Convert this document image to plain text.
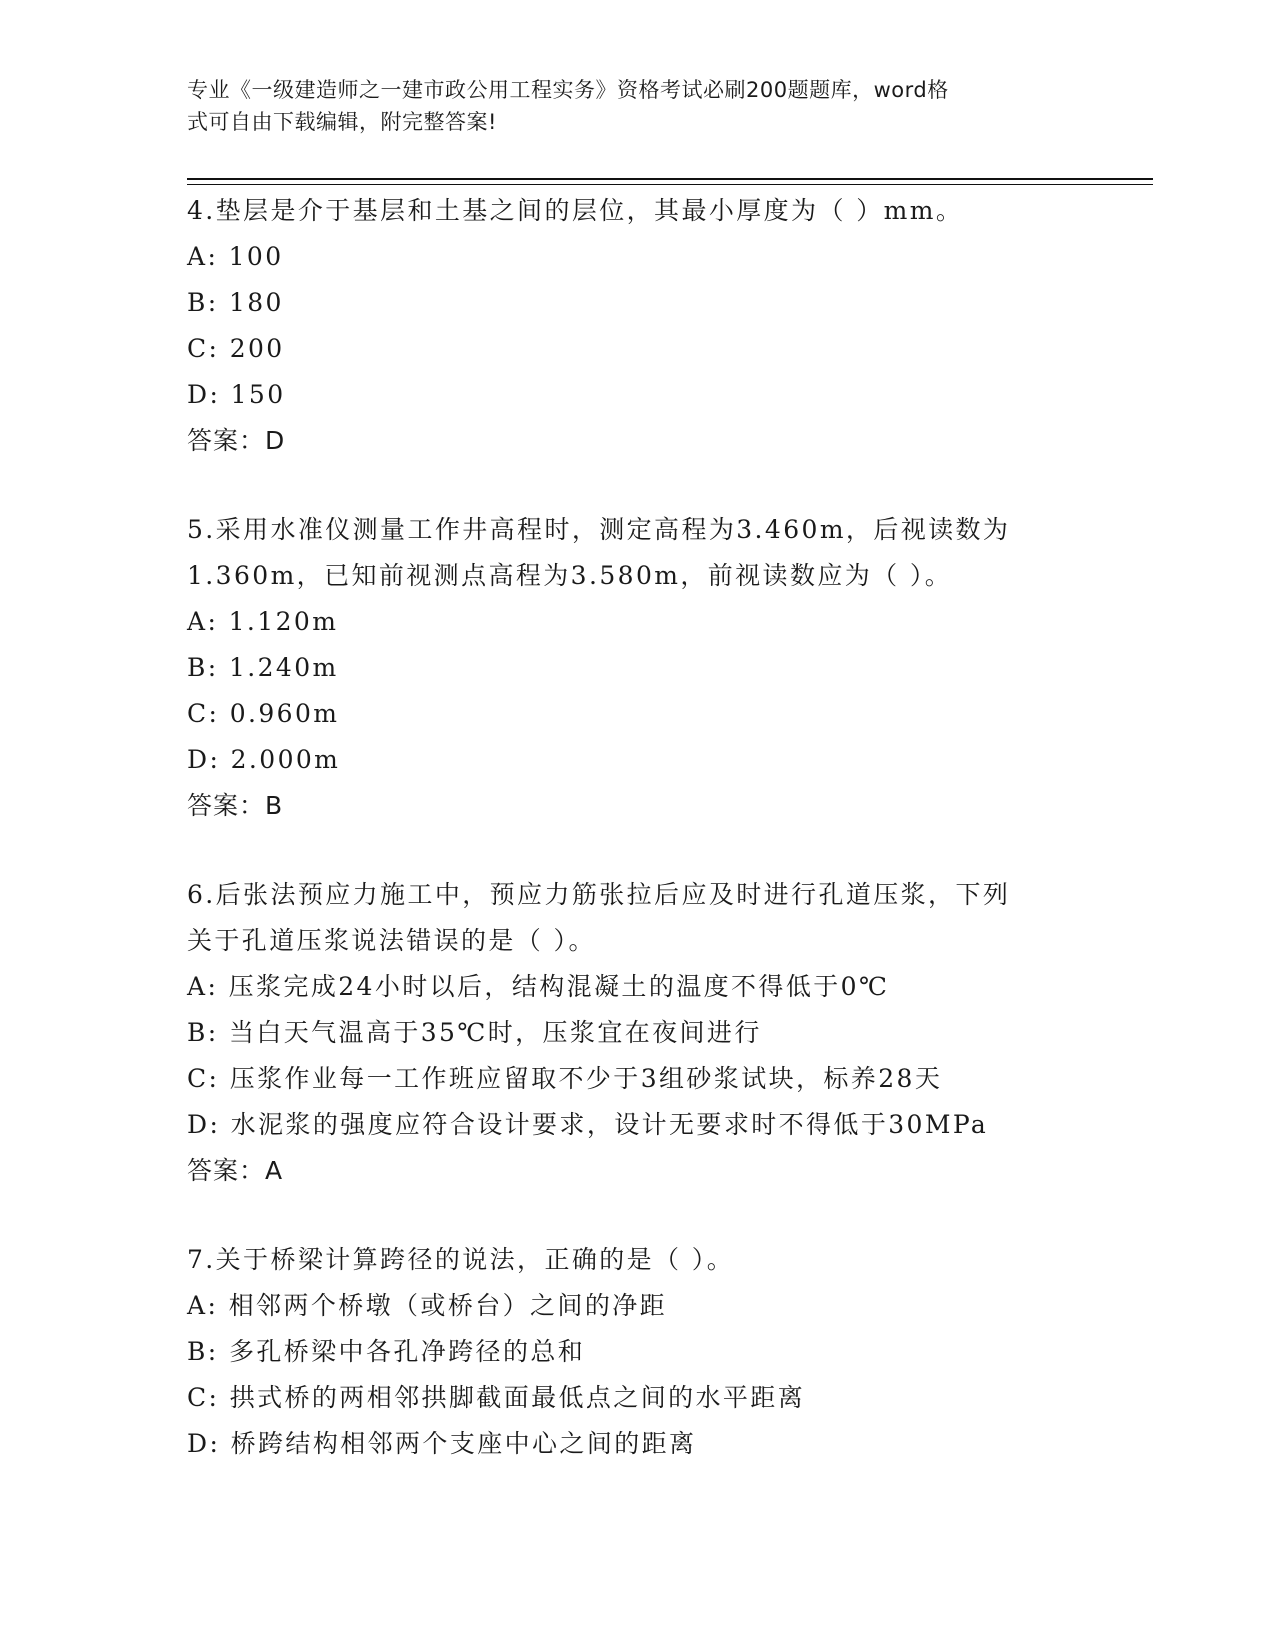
专业《一级建造师之一建市政公用工程实务》资格考试必刷200题题库，word格
式可自由下载编辑，附完整答案!
4.垫层是介于基层和土基之间的层位，其最小厚度为（ ）mm。
A: 100
B: 180
C: 200
D: 150
答案：D
5.采用水准仪测量工作井高程时，测定高程为3.460m，后视读数为
1.360m，已知前视测点高程为3.580m，前视读数应为（ ）。
A: 1.120m
B: 1.240m
C: 0.960m
D: 2.000m
答案：B
6.后张法预应力施工中，预应力筋张拉后应及时进行孔道压浆，下列
关于孔道压浆说法错误的是（ ）。
A: 压浆完成24小时以后，结构混凝土的温度不得低于0℃
B: 当白天气温高于35℃时，压浆宜在夜间进行
C: 压浆作业每一工作班应留取不少于3组砂浆试块，标养28天
D: 水泥浆的强度应符合设计要求，设计无要求时不得低于30MPa
答案：A
7.关于桥梁计算跨径的说法，正确的是（ ）。
A: 相邻两个桥墩（或桥台）之间的净距
B: 多孔桥梁中各孔净跨径的总和
C: 拱式桥的两相邻拱脚截面最低点之间的水平距离
D: 桥跨结构相邻两个支座中心之间的距离
